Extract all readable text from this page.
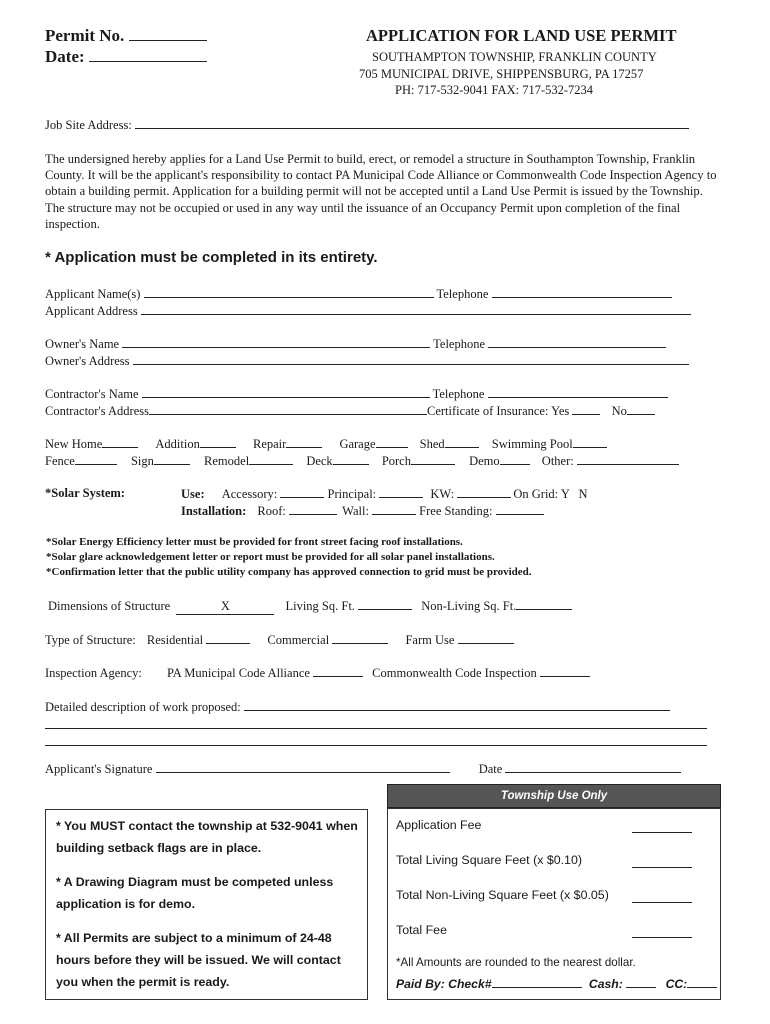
Permit No.
Date:
APPLICATION FOR LAND USE PERMIT
SOUTHAMPTON TOWNSHIP, FRANKLIN COUNTY
705 MUNICIPAL DRIVE, SHIPPENSBURG, PA 17257
PH: 717-532-9041 FAX: 717-532-7234
Job Site Address:
The undersigned hereby applies for a Land Use Permit to build, erect, or remodel a structure in Southampton Township, Franklin County. It will be the applicant's responsibility to contact PA Municipal Code Alliance or Commonwealth Code Inspection Agency to obtain a building permit. Application for a building permit will not be accepted until a Land Use Permit is issued by the Township. The structure may not be occupied or used in any way until the issuance of an Occupancy Permit upon completion of the final inspection.
* Application must be completed in its entirety.
Applicant Name(s)	Telephone
Applicant Address
Owner's Name	Telephone
Owner's Address
Contractor's Name	Telephone
Contractor's Address	Certificate of Insurance: Yes	No
New Home	Addition	Repair	Garage	Shed	Swimming Pool
Fence	Sign	Remodel	Deck	Porch	Demo	Other:
*Solar System:	Use: Accessory:	Principal:	KW:	On Grid: Y N
Installation: Roof:	Wall:	Free Standing:
*Solar Energy Efficiency letter must be provided for front street facing roof installations.
*Solar glare acknowledgement letter or report must be provided for all solar panel installations.
*Confirmation letter that the public utility company has approved connection to grid must be provided.
Dimensions of Structure	X	Living Sq. Ft.	Non-Living Sq. Ft.
Type of Structure: Residential	Commercial	Farm Use
Inspection Agency: PA Municipal Code Alliance	Commonwealth Code Inspection
Detailed description of work proposed:
Applicant's Signature	Date
* You MUST contact the township at 532-9041 when building setback flags are in place.
* A Drawing Diagram must be competed unless application is for demo.
* All Permits are subject to a minimum of 24-48 hours before they will be issued. We will contact you when the permit is ready.
Township Use Only
Application Fee
Total Living Square Feet (x $0.10)
Total Non-Living Square Feet (x $0.05)
Total Fee
*All Amounts are rounded to the nearest dollar.
Paid By: Check#	Cash:	CC:
